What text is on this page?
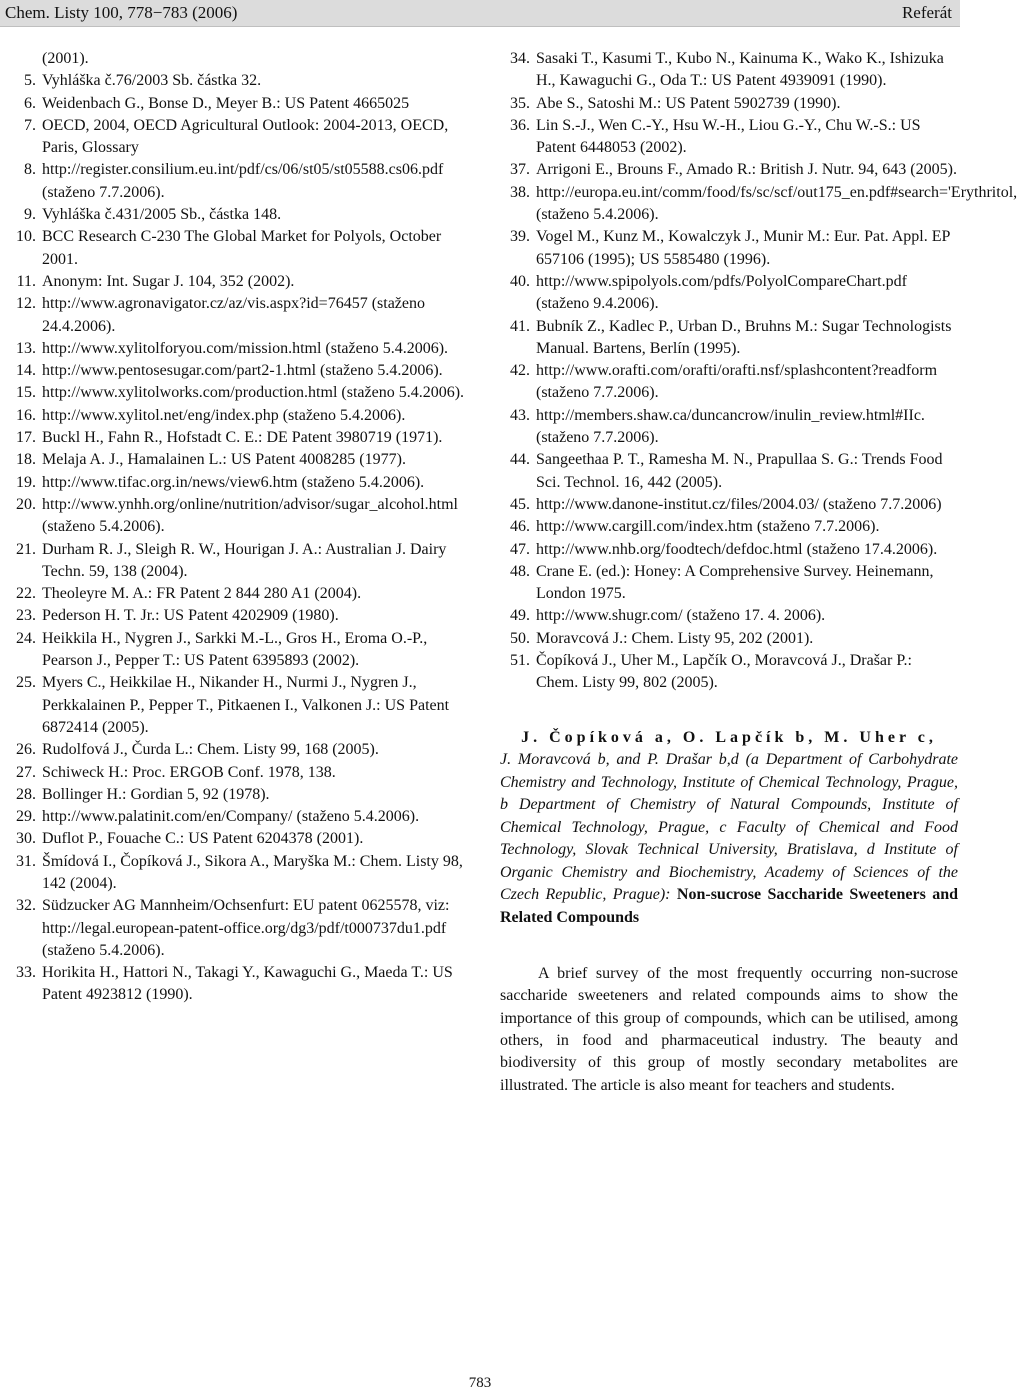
Chem. Listy 100, 778−783 (2006)	Referát
(2001).
5. Vyhláška č.76/2003 Sb. částka 32.
6. Weidenbach G., Bonse D., Meyer B.: US Patent 4665025
7. OECD, 2004, OECD Agricultural Outlook: 2004-2013, OECD, Paris, Glossary
8. http://register.consilium.eu.int/pdf/cs/06/st05/st05588.cs06.pdf (staženo 7.7.2006).
9. Vyhláška č.431/2005 Sb., částka 148.
10. BCC Research C-230 The Global Market for Polyols, October 2001.
11. Anonym: Int. Sugar J. 104, 352 (2002).
12. http://www.agronavigator.cz/az/vis.aspx?id=76457 (staženo 24.4.2006).
13. http://www.xylitolforyou.com/mission.html (staženo 5.4.2006).
14. http://www.pentosesugar.com/part2-1.html (staženo 5.4.2006).
15. http://www.xylitolworks.com/production.html (staženo 5.4.2006).
16. http://www.xylitol.net/eng/index.php (staženo 5.4.2006).
17. Buckl H., Fahn R., Hofstadt C. E.: DE Patent 3980719 (1971).
18. Melaja A. J., Hamalainen L.: US Patent 4008285 (1977).
19. http://www.tifac.org.in/news/view6.htm (staženo 5.4.2006).
20. http://www.ynhh.org/online/nutrition/advisor/sugar_alcohol.html (staženo 5.4.2006).
21. Durham R. J., Sleigh R. W., Hourigan J. A.: Australian J. Dairy Techn. 59, 138 (2004).
22. Theoleyre M. A.: FR Patent 2 844 280 A1 (2004).
23. Pederson H. T. Jr.: US Patent 4202909 (1980).
24. Heikkila H., Nygren J., Sarkki M.-L., Gros H., Eroma O.-P., Pearson J., Pepper T.: US Patent 6395893 (2002).
25. Myers C., Heikkilae H., Nikander H., Nurmi J., Nygren J., Perkkalainen P., Pepper T., Pitkaenen I., Valkonen J.: US Patent 6872414 (2005).
26. Rudolfová J., Čurda L.: Chem. Listy 99, 168 (2005).
27. Schiweck H.: Proc. ERGOB Conf. 1978, 138.
28. Bollinger H.: Gordian 5, 92 (1978).
29. http://www.palatinit.com/en/Company/ (staženo 5.4.2006).
30. Duflot P., Fouache C.: US Patent 6204378 (2001).
31. Šmídová I., Čopíková J., Sikora A., Maryška M.: Chem. Listy 98, 142 (2004).
32. Südzucker AG Mannheim/Ochsenfurt: EU patent 0625578, viz: http://legal.european-patent-office.org/dg3/pdf/t000737du1.pdf (staženo 5.4.2006).
33. Horikita H., Hattori N., Takagi Y., Kawaguchi G., Maeda T.: US Patent 4923812 (1990).
34. Sasaki T., Kasumi T., Kubo N., Kainuma K., Wako K., Ishizuka H., Kawaguchi G., Oda T.: US Patent 4939091 (1990).
35. Abe S., Satoshi M.: US Patent 5902739 (1990).
36. Lin S.-J., Wen C.-Y., Hsu W.-H., Liou G.-Y., Chu W.-S.: US Patent 6448053 (2002).
37. Arrigoni E., Brouns F., Amado R.: British J. Nutr. 94, 643 (2005).
38. http://europa.eu.int/comm/food/fs/sc/scf/out175_en.pdf#search='Erythritol, (staženo 5.4.2006).
39. Vogel M., Kunz M., Kowalczyk J., Munir M.: Eur. Pat. Appl. EP 657106 (1995); US 5585480 (1996).
40. http://www.spipolyols.com/pdfs/PolyolCompareChart.pdf (staženo 9.4.2006).
41. Bubník Z., Kadlec P., Urban D., Bruhns M.: Sugar Technologists Manual. Bartens, Berlín (1995).
42. http://www.orafti.com/orafti/orafti.nsf/splashcontent?readform (staženo 7.7.2006).
43. http://members.shaw.ca/duncancrow/inulin_review.html#IIc. (staženo 7.7.2006).
44. Sangeethaa P. T., Ramesha M. N., Prapullaa S. G.: Trends Food Sci. Technol. 16, 442 (2005).
45. http://www.danone-institut.cz/files/2004.03/ (staženo 7.7.2006)
46. http://www.cargill.com/index.htm (staženo 7.7.2006).
47. http://www.nhb.org/foodtech/defdoc.html (staženo 17.4.2006).
48. Crane E. (ed.): Honey: A Comprehensive Survey. Heinemann, London 1975.
49. http://www.shugr.com/ (staženo 17. 4. 2006).
50. Moravcová J.: Chem. Listy 95, 202 (2001).
51. Čopíková J., Uher M., Lapčík O., Moravcová J., Drašar P.: Chem. Listy 99, 802 (2005).
J. Čopíková a, O. Lapčík b, M. Uher c,
J. Moravcová b, and P. Drašar b,d (a Department of Carbohydrate Chemistry and Technology, Institute of Chemical Technology, Prague, b Department of Chemistry of Natural Compounds, Institute of Chemical Technology, Prague, c Faculty of Chemical and Food Technology, Slovak Technical University, Bratislava, d Institute of Organic Chemistry and Biochemistry, Academy of Sciences of the Czech Republic, Prague): Non-sucrose Saccharide Sweeteners and Related Compounds
A brief survey of the most frequently occurring non-sucrose saccharide sweeteners and related compounds aims to show the importance of this group of compounds, which can be utilised, among others, in food and pharmaceutical industry. The beauty and biodiversity of this group of mostly secondary metabolites are illustrated. The article is also meant for teachers and students.
783
